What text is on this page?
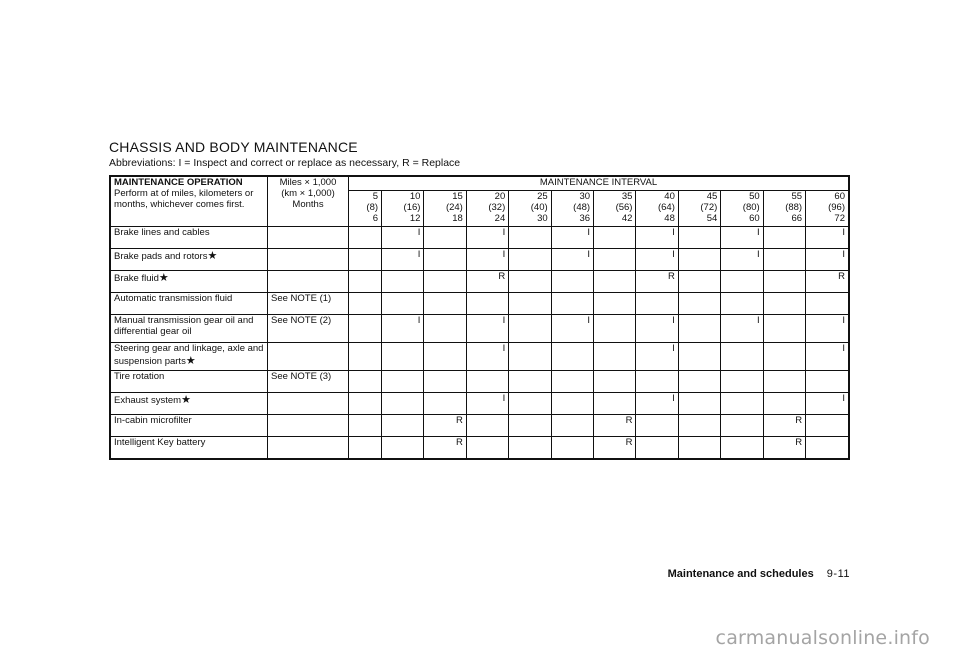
CHASSIS AND BODY MAINTENANCE
Abbreviations: I = Inspect and correct or replace as necessary, R = Replace
MAINTENANCE OPERATION
Perform at of miles, kilometers or months, whichever comes first.	Miles × 1,000
(km × 1,000)
Months	MAINTENANCE INTERVAL											

		5
(8)
6	10
(16)
12	15
(24)
18	20
(32)
24	25
(40)
30	30
(48)
36	35
(56)
42	40
(64)
48	45
(72)
54	50
(80)
60	55
(88)
66	60
(96)
72

Brake lines and cables			I		I		I		I		I		I
Brake pads and rotors★			I		I		I		I		I		I
Brake fluid★					R				R				R
Automatic transmission fluid	See NOTE (1)												
Manual transmission gear oil and differential gear oil	See NOTE (2)		I		I		I		I		I		I
Steering gear and linkage, axle and suspension parts★					I				I				I
Tire rotation	See NOTE (3)												
Exhaust system★					I				I				I
In-cabin microfilter				R				R				R	
Intelligent Key battery				R				R				R	
Maintenance and schedules 9-11
carmanualsonline.info
